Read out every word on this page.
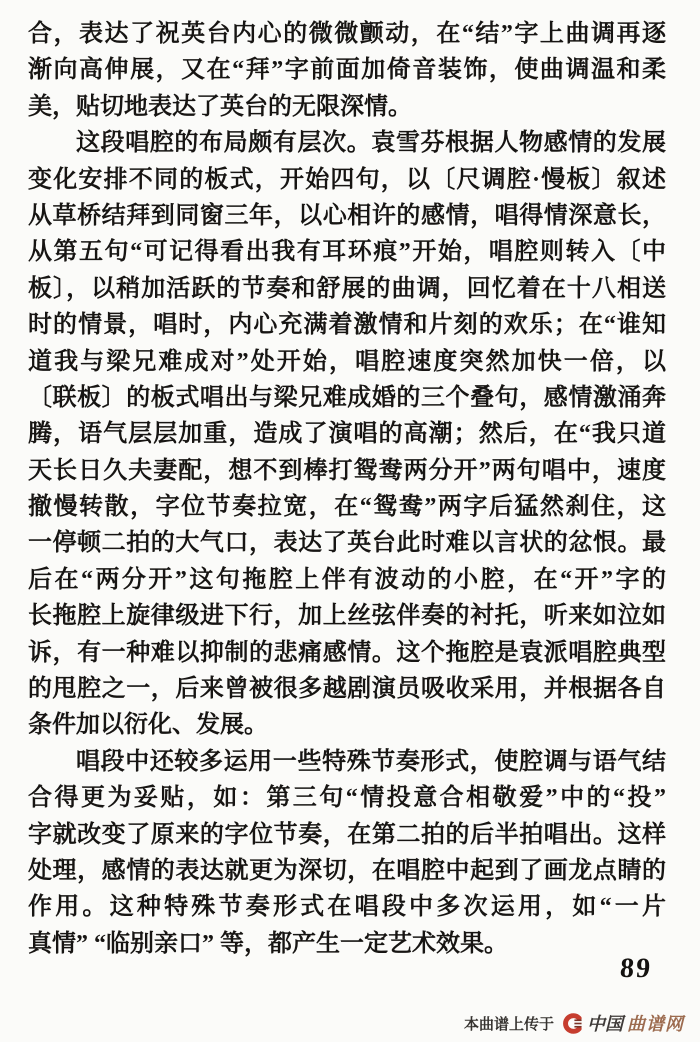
合，表达了祝英台内心的微微颤动，在“结”字上曲调再逐
渐向高伸展，又在“拜”字前面加倚音装饰，使曲调温和柔
美，贴切地表达了英台的无限深情。
这段唱腔的布局颇有层次。袁雪芬根据人物感情的发展
变化安排不同的板式，开始四句，以〔尺调腔·慢板〕叙述
从草桥结拜到同窗三年，以心相许的感情，唱得情深意长，
从第五句“可记得看出我有耳环痕”开始，唱腔则转入〔中
板〕，以稍加活跃的节奏和舒展的曲调，回忆着在十八相送
时的情景，唱时，内心充满着激情和片刻的欢乐；在“谁知
道我与梁兄难成对”处开始，唱腔速度突然加快一倍，以
〔联板〕的板式唱出与梁兄难成婚的三个叠句，感情激涌奔
腾，语气层层加重，造成了演唱的高潮；然后，在“我只道
天长日久夫妻配，想不到棒打鸳鸯两分开”两句唱中，速度
撤慢转散，字位节奏拉宽，在“鸳鸯”两字后猛然刹住，这
一停顿二拍的大气口，表达了英台此时难以言状的忿恨。最
后在“两分开”这句拖腔上伴有波动的小腔，在“开”字的
长拖腔上旋律级进下行，加上丝弦伴奏的衬托，听来如泣如
诉，有一种难以抑制的悲痛感情。这个拖腔是袁派唱腔典型
的甩腔之一，后来曾被很多越剧演员吸收采用，并根据各自
条件加以衍化、发展。
唱段中还较多运用一些特殊节奏形式，使腔调与语气结
合得更为妥贴，如：第三句“情投意合相敬爱”中的“投”
字就改变了原来的字位节奏，在第二拍的后半拍唱出。这样
处理，感情的表达就更为深切，在唱腔中起到了画龙点睛的
作用。这种特殊节奏形式在唱段中多次运用，如“一片
真情” “临别亲口” 等，都产生一定艺术效果。
89
本曲谱上传于 中国 曲谱网
